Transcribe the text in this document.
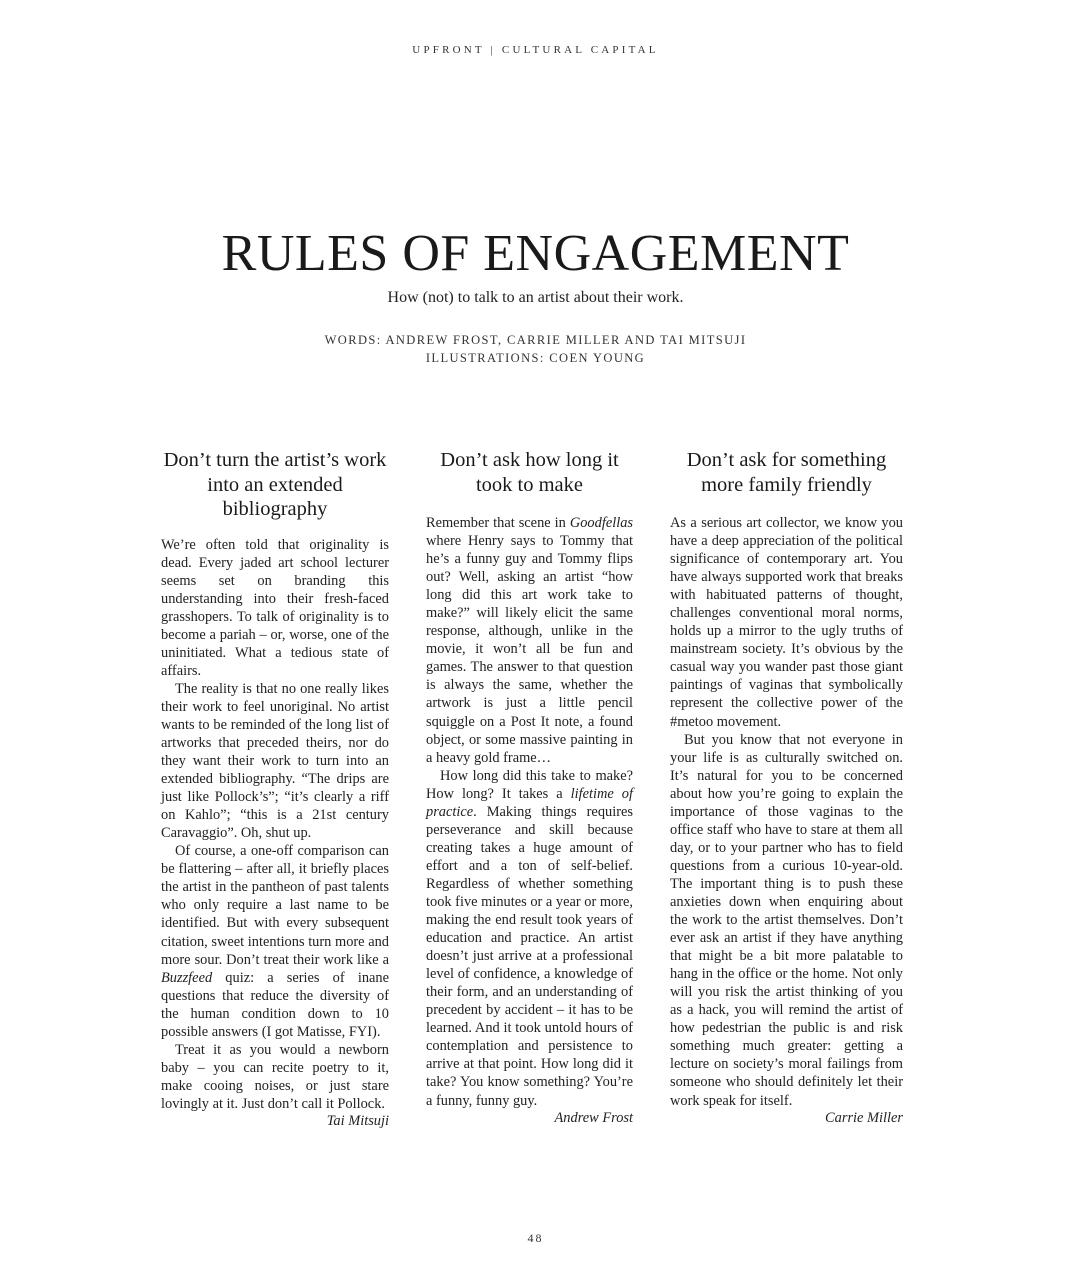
UPFRONT | CULTURAL CAPITAL
RULES OF ENGAGEMENT
How (not) to talk to an artist about their work.
WORDS: ANDREW FROST, CARRIE MILLER AND TAI MITSUJI
ILLUSTRATIONS: COEN YOUNG
Don’t turn the artist’s work into an extended bibliography

We’re often told that originality is dead. Every jaded art school lecturer seems set on branding this understanding into their fresh-faced grasshopers. To talk of originality is to become a pariah – or, worse, one of the uninitiated. What a tedious state of affairs.

The reality is that no one really likes their work to feel unoriginal. No artist wants to be reminded of the long list of artworks that preceded theirs, nor do they want their work to turn into an extended bibliography. “The drips are just like Pollock’s”; “it’s clearly a riff on Kahlo”; “this is a 21st century Caravaggio”. Oh, shut up.

Of course, a one-off comparison can be flattering – after all, it briefly places the artist in the pantheon of past talents who only require a last name to be identified. But with every subsequent citation, sweet intentions turn more and more sour. Don’t treat their work like a Buzzfeed quiz: a series of inane questions that reduce the diversity of the human condition down to 10 possible answers (I got Matisse, FYI).

Treat it as you would a newborn baby – you can recite poetry to it, make cooing noises, or just stare lovingly at it. Just don’t call it Pollock.

Tai Mitsuji
Don’t ask how long it took to make

Remember that scene in Goodfellas where Henry says to Tommy that he’s a funny guy and Tommy flips out? Well, asking an artist “how long did this art work take to make?” will likely elicit the same response, although, unlike in the movie, it won’t all be fun and games. The answer to that question is always the same, whether the artwork is just a little pencil squiggle on a Post It note, a found object, or some massive painting in a heavy gold frame…

How long did this take to make? How long? It takes a lifetime of practice. Making things requires perseverance and skill because creating takes a huge amount of effort and a ton of self-belief. Regardless of whether something took five minutes or a year or more, making the end result took years of education and practice. An artist doesn’t just arrive at a professional level of confidence, a knowledge of their form, and an understanding of precedent by accident – it has to be learned. And it took untold hours of contemplation and persistence to arrive at that point. How long did it take? You know something? You’re a funny, funny guy.

Andrew Frost
Don’t ask for something more family friendly

As a serious art collector, we know you have a deep appreciation of the political significance of contemporary art. You have always supported work that breaks with habituated patterns of thought, challenges conventional moral norms, holds up a mirror to the ugly truths of mainstream society. It’s obvious by the casual way you wander past those giant paintings of vaginas that symbolically represent the collective power of the #metoo movement.

But you know that not everyone in your life is as culturally switched on. It’s natural for you to be concerned about how you’re going to explain the importance of those vaginas to the office staff who have to stare at them all day, or to your partner who has to field questions from a curious 10-year-old. The important thing is to push these anxieties down when enquiring about the work to the artist themselves. Don’t ever ask an artist if they have anything that might be a bit more palatable to hang in the office or the home. Not only will you risk the artist thinking of you as a hack, you will remind the artist of how pedestrian the public is and risk something much greater: getting a lecture on society’s moral failings from someone who should definitely let their work speak for itself.

Carrie Miller
48
